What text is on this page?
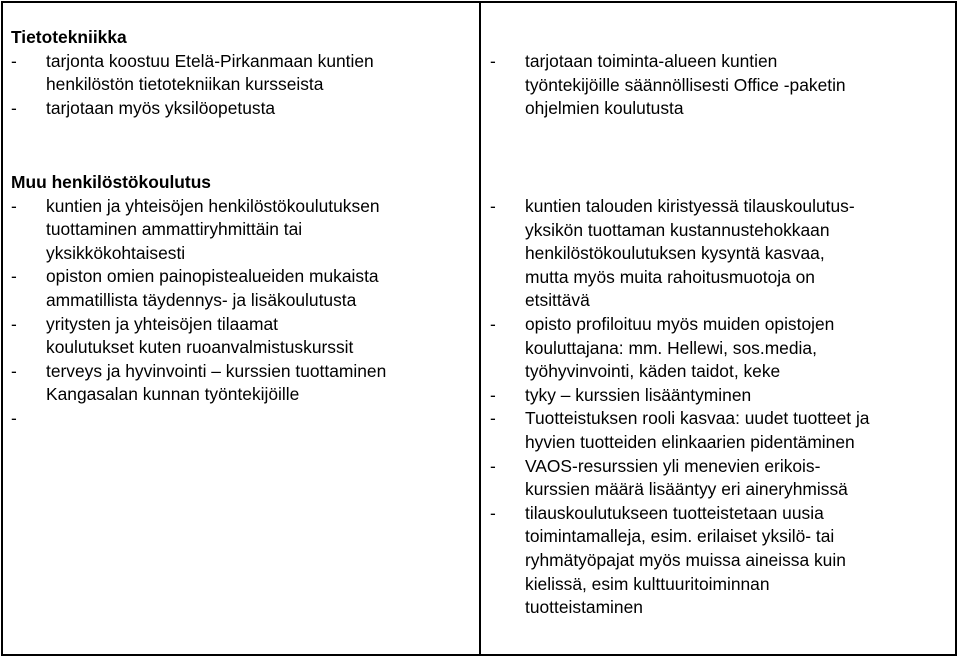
Tietotekniikka
- tarjonta koostuu Etelä-Pirkanmaan kuntien
henkilöstön tietotekniikan kursseista
- tarjotaan myös yksilöopetusta
- tarjotaan toiminta-alueen kuntien
työntekijöille säännöllisesti Office -paketin
ohjelmien koulutusta
Muu henkilöstökoulutus
- kuntien ja yhteisöjen henkilöstökoulutuksen
tuottaminen ammattiryhmittäin tai
yksikkökohtaisesti
- opiston omien painopistealueiden mukaista
ammatillista täydennys- ja lisäkoulutusta
- yritysten ja yhteisöjen tilaamat
koulutukset kuten ruoanvalmistuskurssit
- terveys ja hyvinvointi – kurssien tuottaminen
Kangasalan kunnan työntekijöille
-

- kuntien talouden kiristyessä tilauskoulutus-
yksikön tuottaman kustannustehokkaan
henkilöstökoulutuksen kysyntä kasvaa,
mutta myös muita rahoitusmuotoja on
etsittävä
- opisto profiloituu myös muiden opistojen
kouluttajana: mm. Hellewi, sos.media,
työhyvinvointi, käden taidot, keke
- tyky – kurssien lisääntyminen
- Tuotteistuksen rooli kasvaa: uudet tuotteet ja
hyvien tuotteiden elinkaarien pidentäminen
- VAOS-resurssien yli menevien erikois-
kurssien määrä lisääntyy eri aineryhmissä
- tilauskoulutukseen tuotteistetaan uusia
toimintamalleja, esim. erilaiset yksilö- tai
ryhmätyöpajat myös muissa aineissa kuin
kielissä, esim kulttuuritoiminnan
tuotteistaminen
